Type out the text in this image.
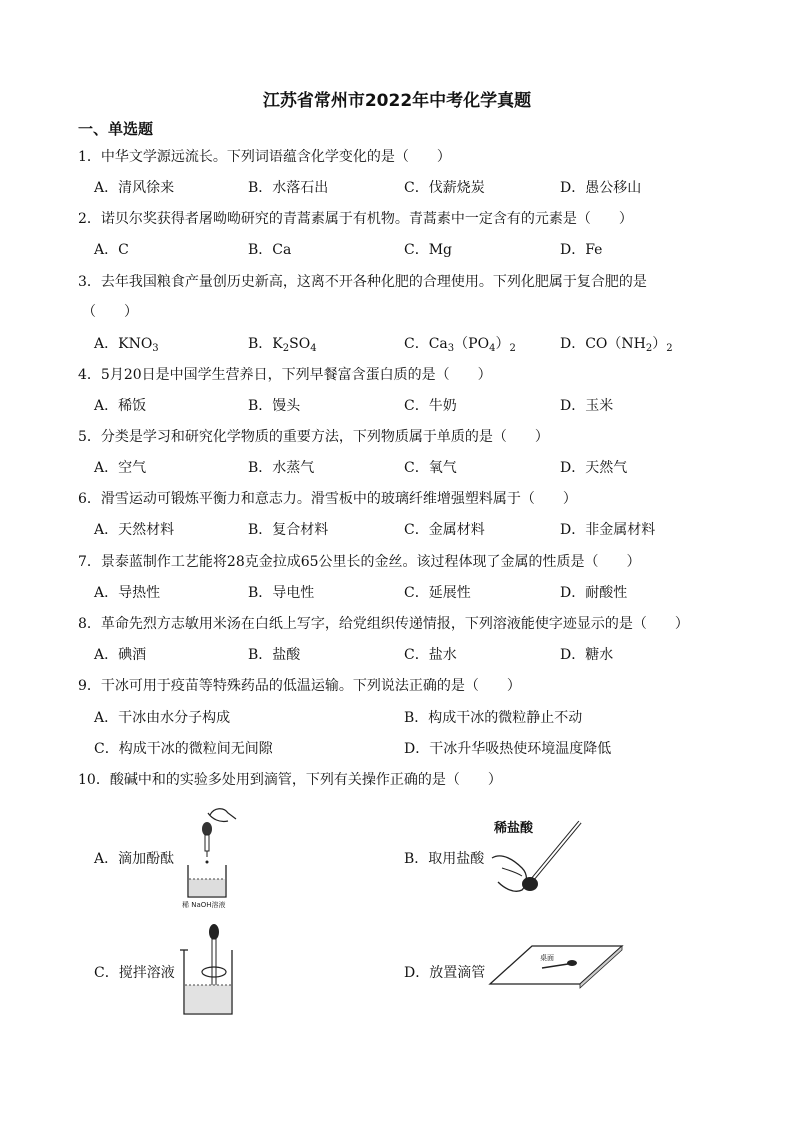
江苏省常州市2022年中考化学真题
一、单选题
1．中华文学源远流长。下列词语蕴含化学变化的是（　　）
A．清风徐来	B．水落石出	C．伐薪烧炭	D．愚公移山
2．诺贝尔奖获得者屠呦呦研究的青蒿素属于有机物。青蒿素中一定含有的元素是（　　）
A．C	B．Ca	C．Mg	D．Fe
3．去年我国粮食产量创历史新高，这离不开各种化肥的合理使用。下列化肥属于复合肥的是
（　　）
A．$KNO_3$	B．$K_2SO_4$	C．$Ca_3(PO_4)_2$	D．$CO(NH_2)_2$
4．5月20日是中国学生营养日，下列早餐富含蛋白质的是（　　）
A．稀饭	B．馒头	C．牛奶	D．玉米
5．分类是学习和研究化学物质的重要方法，下列物质属于单质的是（　　）
A．空气	B．水蒸气	C．氧气	D．天然气
6．滑雪运动可锻炼平衡力和意志力。滑雪板中的玻璃纤维增强塑料属于（　　）
A．天然材料	B．复合材料	C．金属材料	D．非金属材料
7．景泰蓝制作工艺能将28克金拉成65公里长的金丝。该过程体现了金属的性质是（　　）
A．导热性	B．导电性	C．延展性	D．耐酸性
8．革命先烈方志敏用米汤在白纸上写字，给党组织传递情报，下列溶液能使字迹显示的是（　　）
A．碘酒	B．盐酸	C．盐水	D．糖水
9．干冰可用于疫苗等特殊药品的低温运输。下列说法正确的是（　　）
A．干冰由水分子构成	B．构成干冰的微粒静止不动
C．构成干冰的微粒间无间隙	D．干冰升华吸热使环境温度降低
10．酸碱中和的实验多处用到滴管，下列有关操作正确的是（　　）
A．滴加酚酞	B．取用盐酸
C．搅拌溶液	D．放置滴管
稀 NaOH溶液
稀盐酸
桌面
